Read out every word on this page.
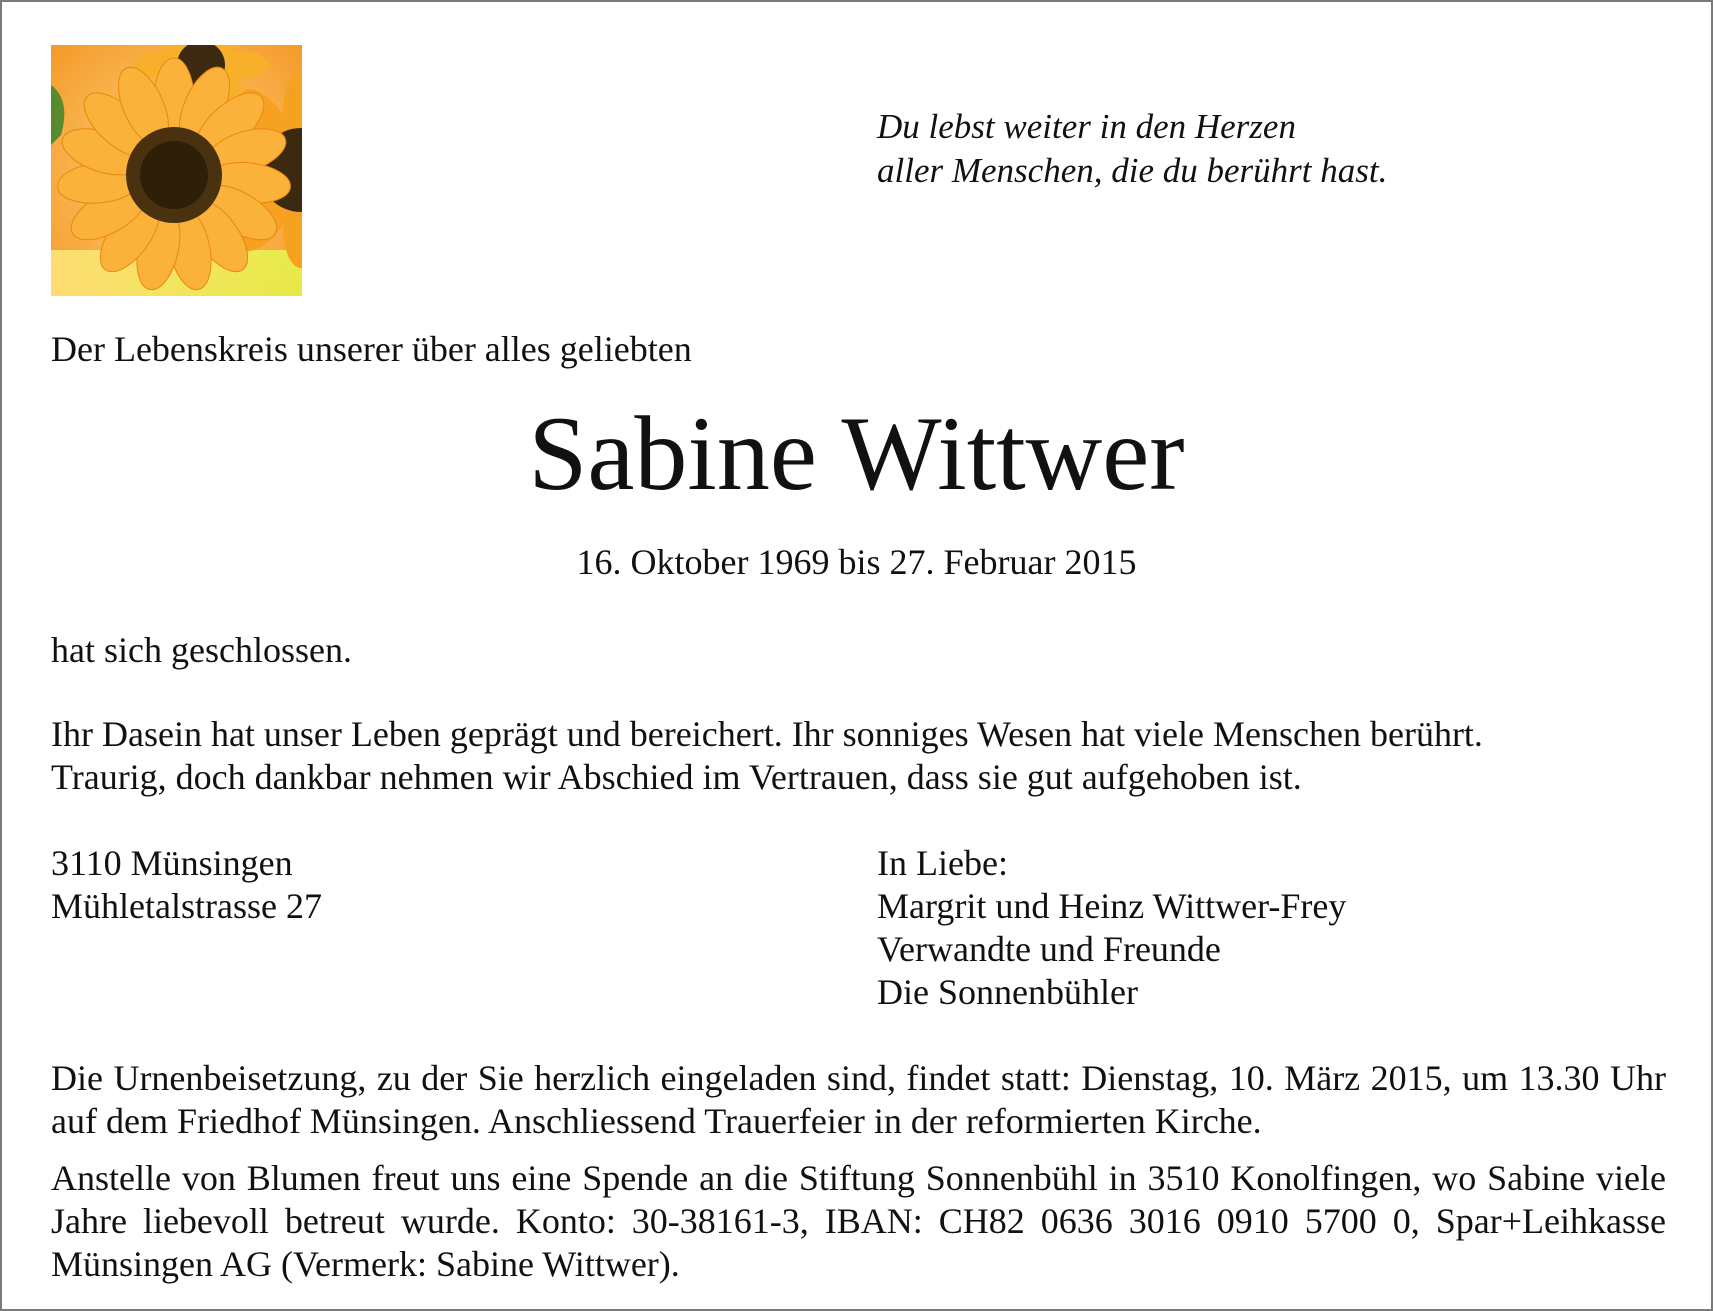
Du lebst weiter in den Herzen
aller Menschen, die du berührt hast.
Der Lebenskreis unserer über alles geliebten
Sabine Wittwer
16. Oktober 1969 bis 27. Februar 2015
hat sich geschlossen.
Ihr Dasein hat unser Leben geprägt und bereichert. Ihr sonniges Wesen hat viele Menschen berührt.
Traurig, doch dankbar nehmen wir Abschied im Vertrauen, dass sie gut aufgehoben ist.
3110 Münsingen
Mühletalstrasse 27
In Liebe:
Margrit und Heinz Wittwer-Frey
Verwandte und Freunde
Die Sonnenbühler
Die Urnenbeisetzung, zu der Sie herzlich eingeladen sind, findet statt: Dienstag, 10. März 2015, um 13.30 Uhr auf dem Friedhof Münsingen. Anschliessend Trauerfeier in der reformierten Kirche.
Anstelle von Blumen freut uns eine Spende an die Stiftung Sonnenbühl in 3510 Konolfingen, wo Sabine viele Jahre liebevoll betreut wurde. Konto: 30-38161-3, IBAN: CH82 0636 3016 0910 5700 0, Spar+Leihkasse Münsingen AG (Vermerk: Sabine Wittwer).
